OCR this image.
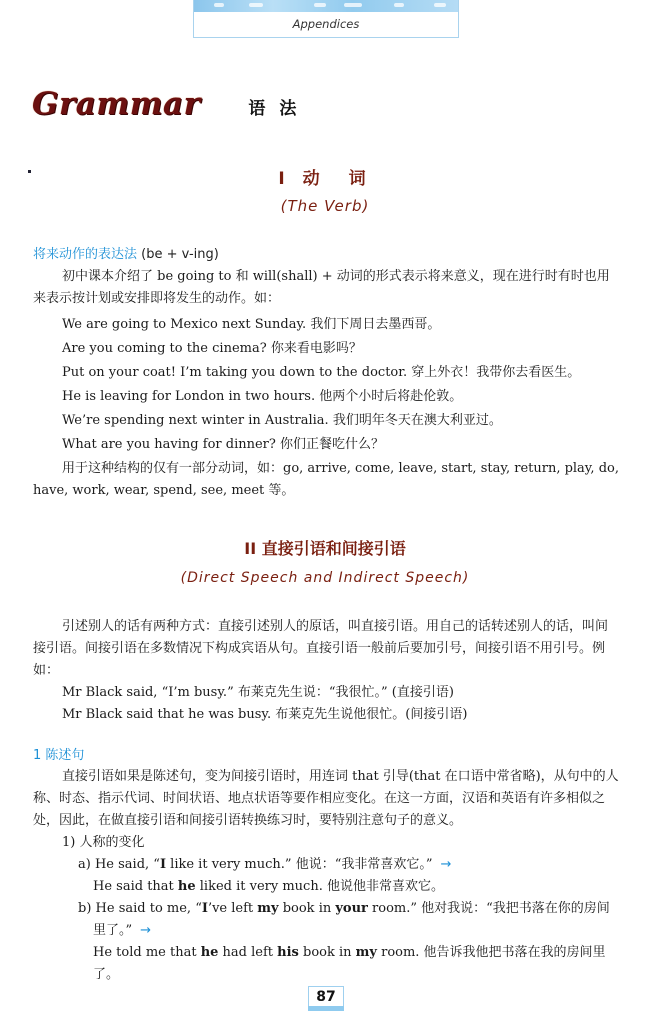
Appendices
Grammar	语法
I 动　词
(The Verb)
将来动作的表达法 (be + v-ing)

初中课本介绍了 be going to 和 will(shall) + 动词的形式表示将来意义，现在进行时有时也用来表示按计划或安排即将发生的动作。如：

We are going to Mexico next Sunday. 我们下周日去墨西哥。

Are you coming to the cinema? 你来看电影吗？

Put on your coat! I’m taking you down to the doctor. 穿上外衣！我带你去看医生。

He is leaving for London in two hours. 他两个小时后将赴伦敦。

We’re spending next winter in Australia. 我们明年冬天在澳大利亚过。

What are you having for dinner? 你们正餐吃什么？

用于这种结构的仅有一部分动词，如：go, arrive, come, leave, start, stay, return, play, do, have, work, wear, spend, see, meet 等。

II 直接引语和间接引语
(Direct Speech and Indirect Speech)

引述别人的话有两种方式：直接引述别人的原话，叫直接引语。用自己的话转述别人的话，叫间接引语。间接引语在多数情况下构成宾语从句。直接引语一般前后要加引号，间接引语不用引号。例如：

Mr Black said, “I’m busy.” 布莱克先生说：“我很忙。” (直接引语)

Mr Black said that he was busy. 布莱克先生说他很忙。(间接引语)

1 陈述句

直接引语如果是陈述句，变为间接引语时，用连词 that 引导(that 在口语中常省略)，从句中的人称、时态、指示代词、时间状语、地点状语等要作相应变化。在这一方面，汉语和英语有许多相似之处，因此，在做直接引语和间接引语转换练习时，要特别注意句子的意义。

1) 人称的变化

a) He said, “I like it very much.” 他说：“我非常喜欢它。” →

He said that he liked it very much. 他说他非常喜欢它。

b) He said to me, “I’ve left my book in your room.” 他对我说：“我把书落在你的房间

里了。” →

He told me that he had left his book in my room. 他告诉我他把书落在我的房间里了。

87
